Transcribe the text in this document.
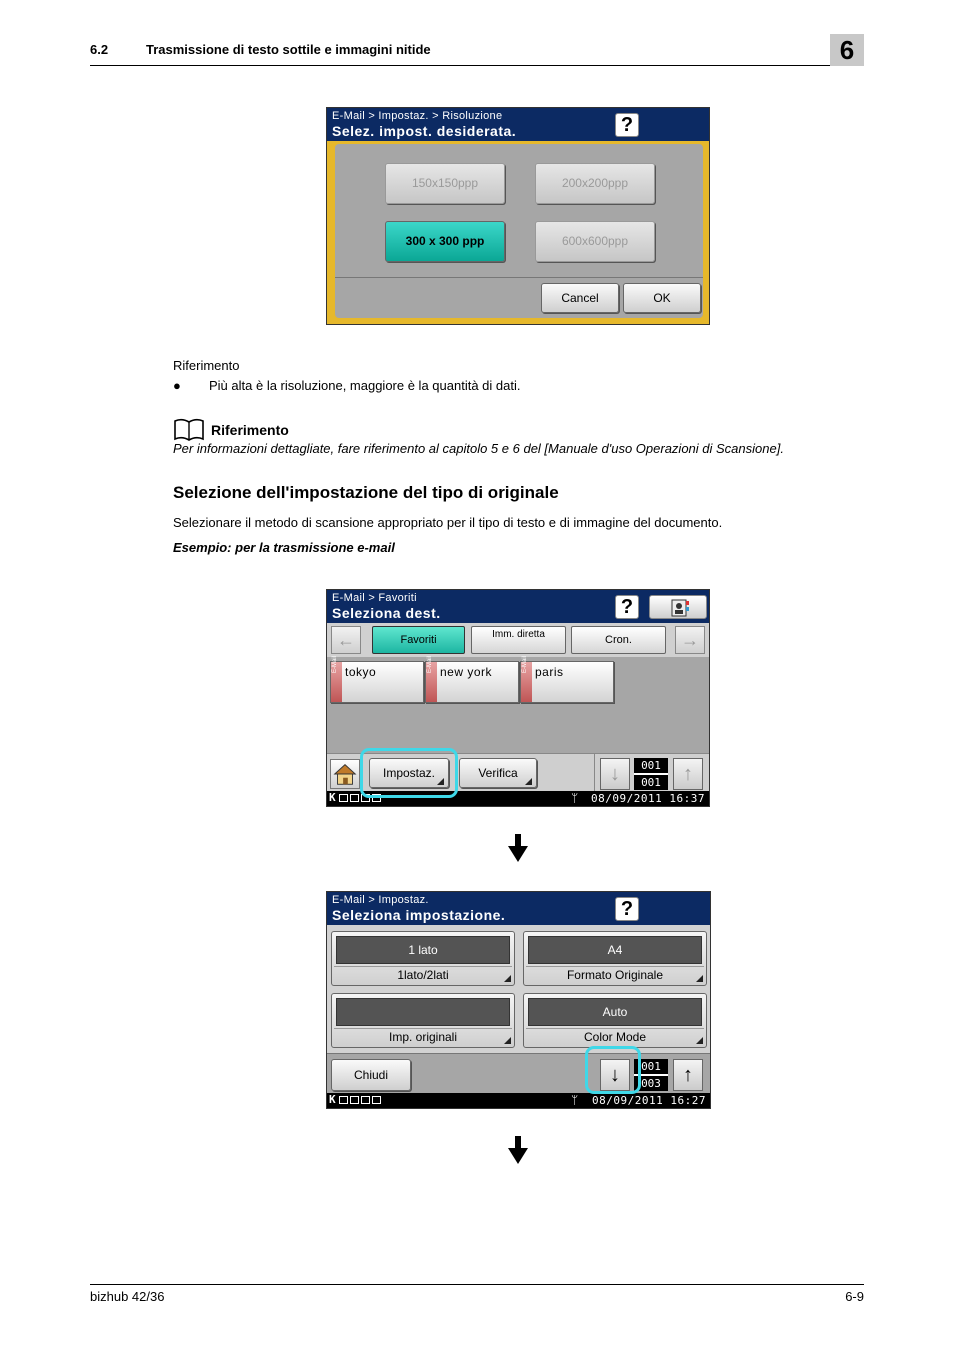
6.2	Trasmissione di testo sottile e immagini nitide	6
E-Mail > Impostaz. > Risoluzione
Selez. impost. desiderata.	?
150x150ppp	200x200ppp
300 x 300 ppp	600x600ppp
Cancel	OK
Riferimento
● Più alta è la risoluzione, maggiore è la quantità di dati.
Riferimento
Per informazioni dettagliate, fare riferimento al capitolo 5 e 6 del [Manuale d'uso Operazioni di Scansione].
Selezione dell'impostazione del tipo di originale
Selezionare il metodo di scansione appropriato per il tipo di testo e di immagine del documento.
Esempio: per la trasmissione e-mail
E-Mail > Favoriti
Seleziona dest.	?
←	Favoriti	Imm. diretta	Cron.	→
E-Mail tokyo	E-Mail new york	E-Mail paris
Impostaz.	Verifica	↓	001
001	↑
K	ᛘ 08/09/2011 16:37
E-Mail > Impostaz.
Seleziona impostazione.	?
1 lato
1lato/2lati
A4
Formato Originale
Imp. originali
Auto
Color Mode
Chiudi	↓	001
003	↑
K	ᛘ 08/09/2011 16:27
bizhub 42/36	6-9
